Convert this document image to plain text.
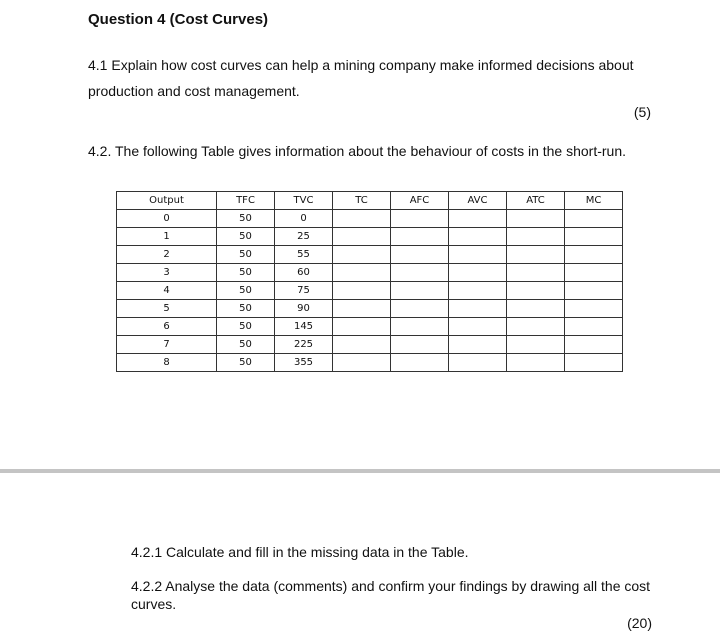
Question 4 (Cost Curves)
4.1 Explain how cost curves can help a mining company make informed decisions about production and cost management.
(5)
4.2. The following Table gives information about the behaviour of costs in the short-run.
Output	TFC	TVC	TC	AFC	AVC	ATC	MC
0	50	0					
1	50	25					
2	50	55					
3	50	60					
4	50	75					
5	50	90					
6	50	145					
7	50	225					
8	50	355					
4.2.1 Calculate and fill in the missing data in the Table.
4.2.2 Analyse the data (comments) and confirm your findings by drawing all the cost curves.
(20)
